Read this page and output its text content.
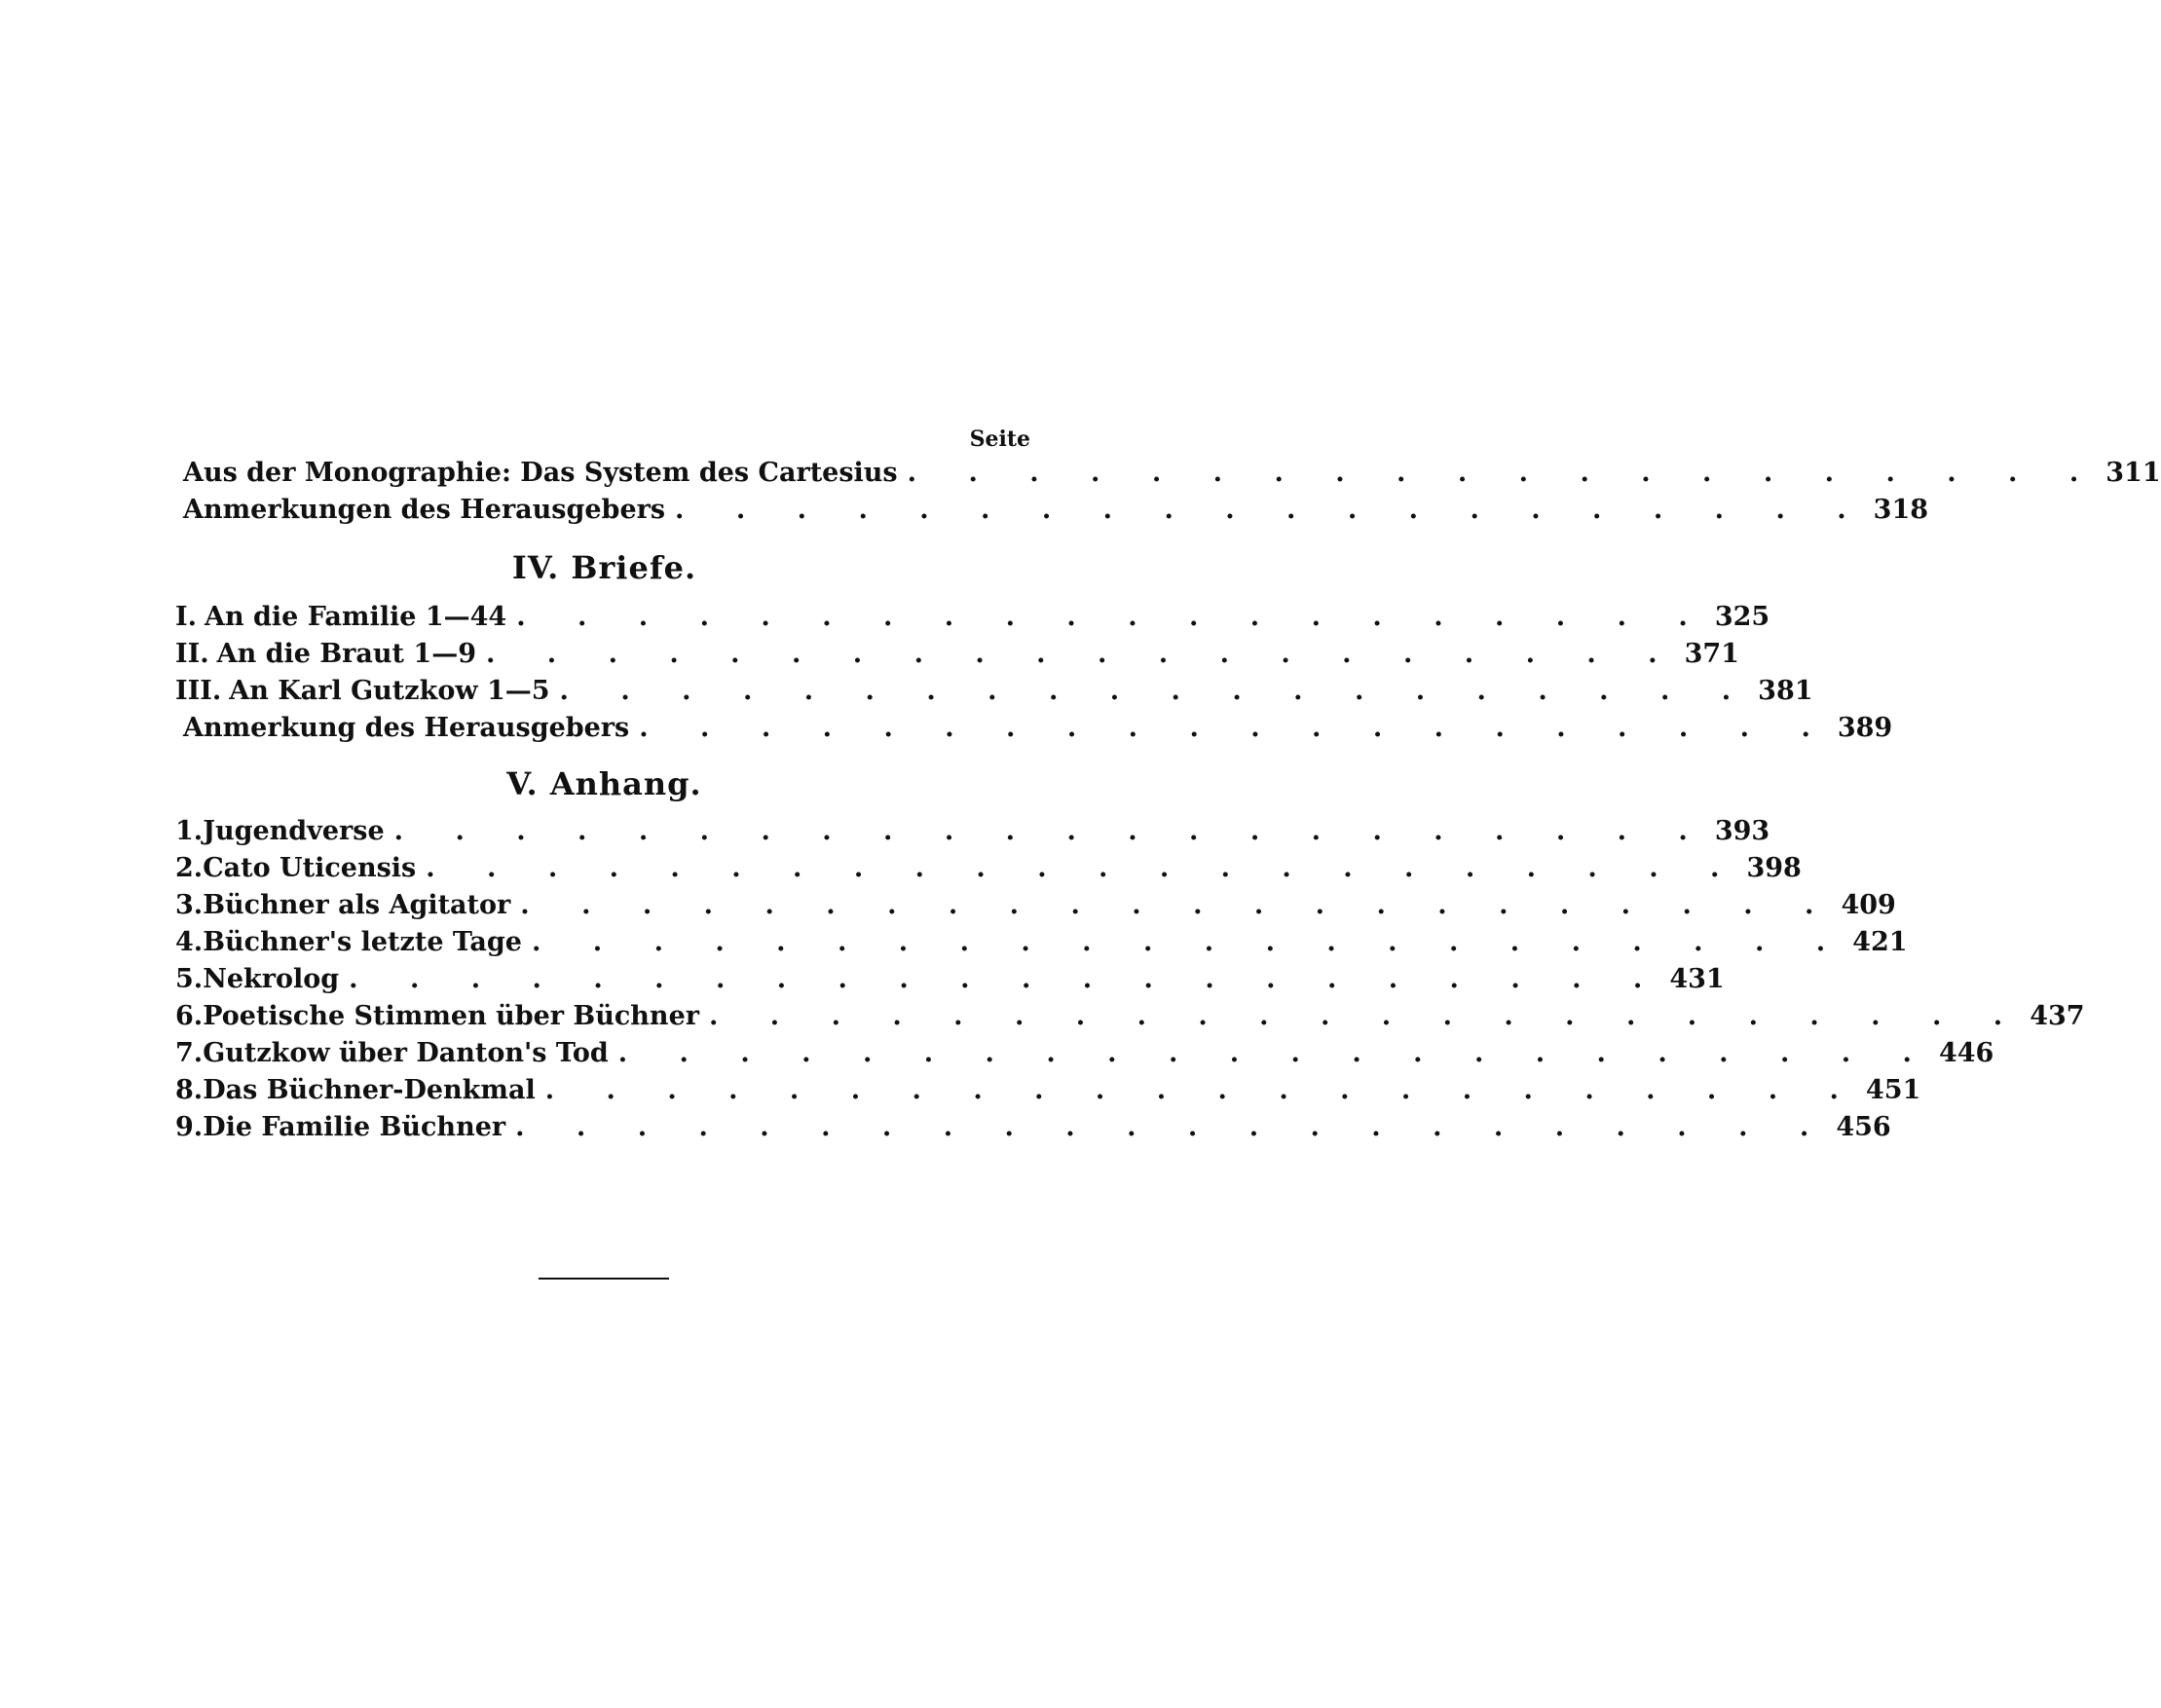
Seite
Aus der Monographie: Das System des Cartesius . . . . . . . . . . . . . . . . . . . . 311
Anmerkungen des Herausgebers . . . . . . . . . . . . . . . . . . . . 318
IV. Briefe.
I. An die Familie 1—44 . . . . . . . . . . . . . . . . . . . . 325
II. An die Braut 1—9 . . . . . . . . . . . . . . . . . . . . 371
III. An Karl Gutzkow 1—5 . . . . . . . . . . . . . . . . . . . . 381
Anmerkung des Herausgebers . . . . . . . . . . . . . . . . . . . . 389
V. Anhang.
1. Jugendverse . . . . . . . . . . . . . . . . . . . . . . 393
2. Cato Uticensis . . . . . . . . . . . . . . . . . . . . . . 398
3. Büchner als Agitator . . . . . . . . . . . . . . . . . . . . . . 409
4. Büchner's letzte Tage . . . . . . . . . . . . . . . . . . . . . . 421
5. Nekrolog . . . . . . . . . . . . . . . . . . . . . . 431
6. Poetische Stimmen über Büchner . . . . . . . . . . . . . . . . . . . . . . 437
7. Gutzkow über Danton's Tod . . . . . . . . . . . . . . . . . . . . . . 446
8. Das Büchner-Denkmal . . . . . . . . . . . . . . . . . . . . . . 451
9. Die Familie Büchner . . . . . . . . . . . . . . . . . . . . . . 456
